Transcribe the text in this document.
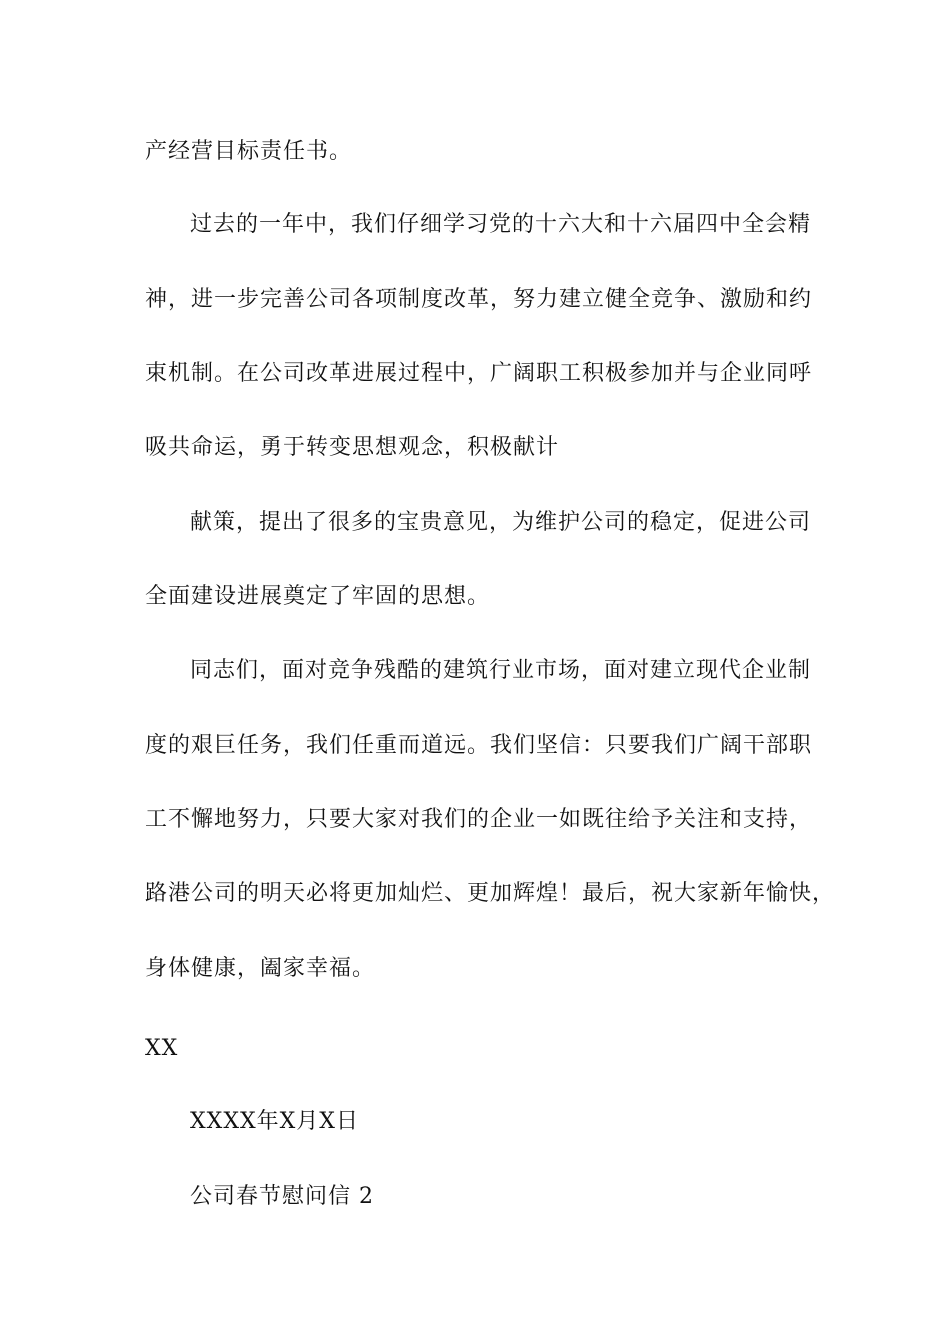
产经营目标责任书。
过去的一年中，我们仔细学习党的十六大和十六届四中全会精
神，进一步完善公司各项制度改革，努力建立健全竞争、激励和约
束机制。在公司改革进展过程中，广阔职工积极参加并与企业同呼
吸共命运，勇于转变思想观念，积极献计
献策，提出了很多的宝贵意见，为维护公司的稳定，促进公司
全面建设进展奠定了牢固的思想。
同志们，面对竞争残酷的建筑行业市场，面对建立现代企业制
度的艰巨任务，我们任重而道远。我们坚信：只要我们广阔干部职
工不懈地努力，只要大家对我们的企业一如既往给予关注和支持，
路港公司的明天必将更加灿烂、更加辉煌！最后，祝大家新年愉快，
身体健康，阖家幸福。
XX
XXXX年X月X日
公司春节慰问信 2
